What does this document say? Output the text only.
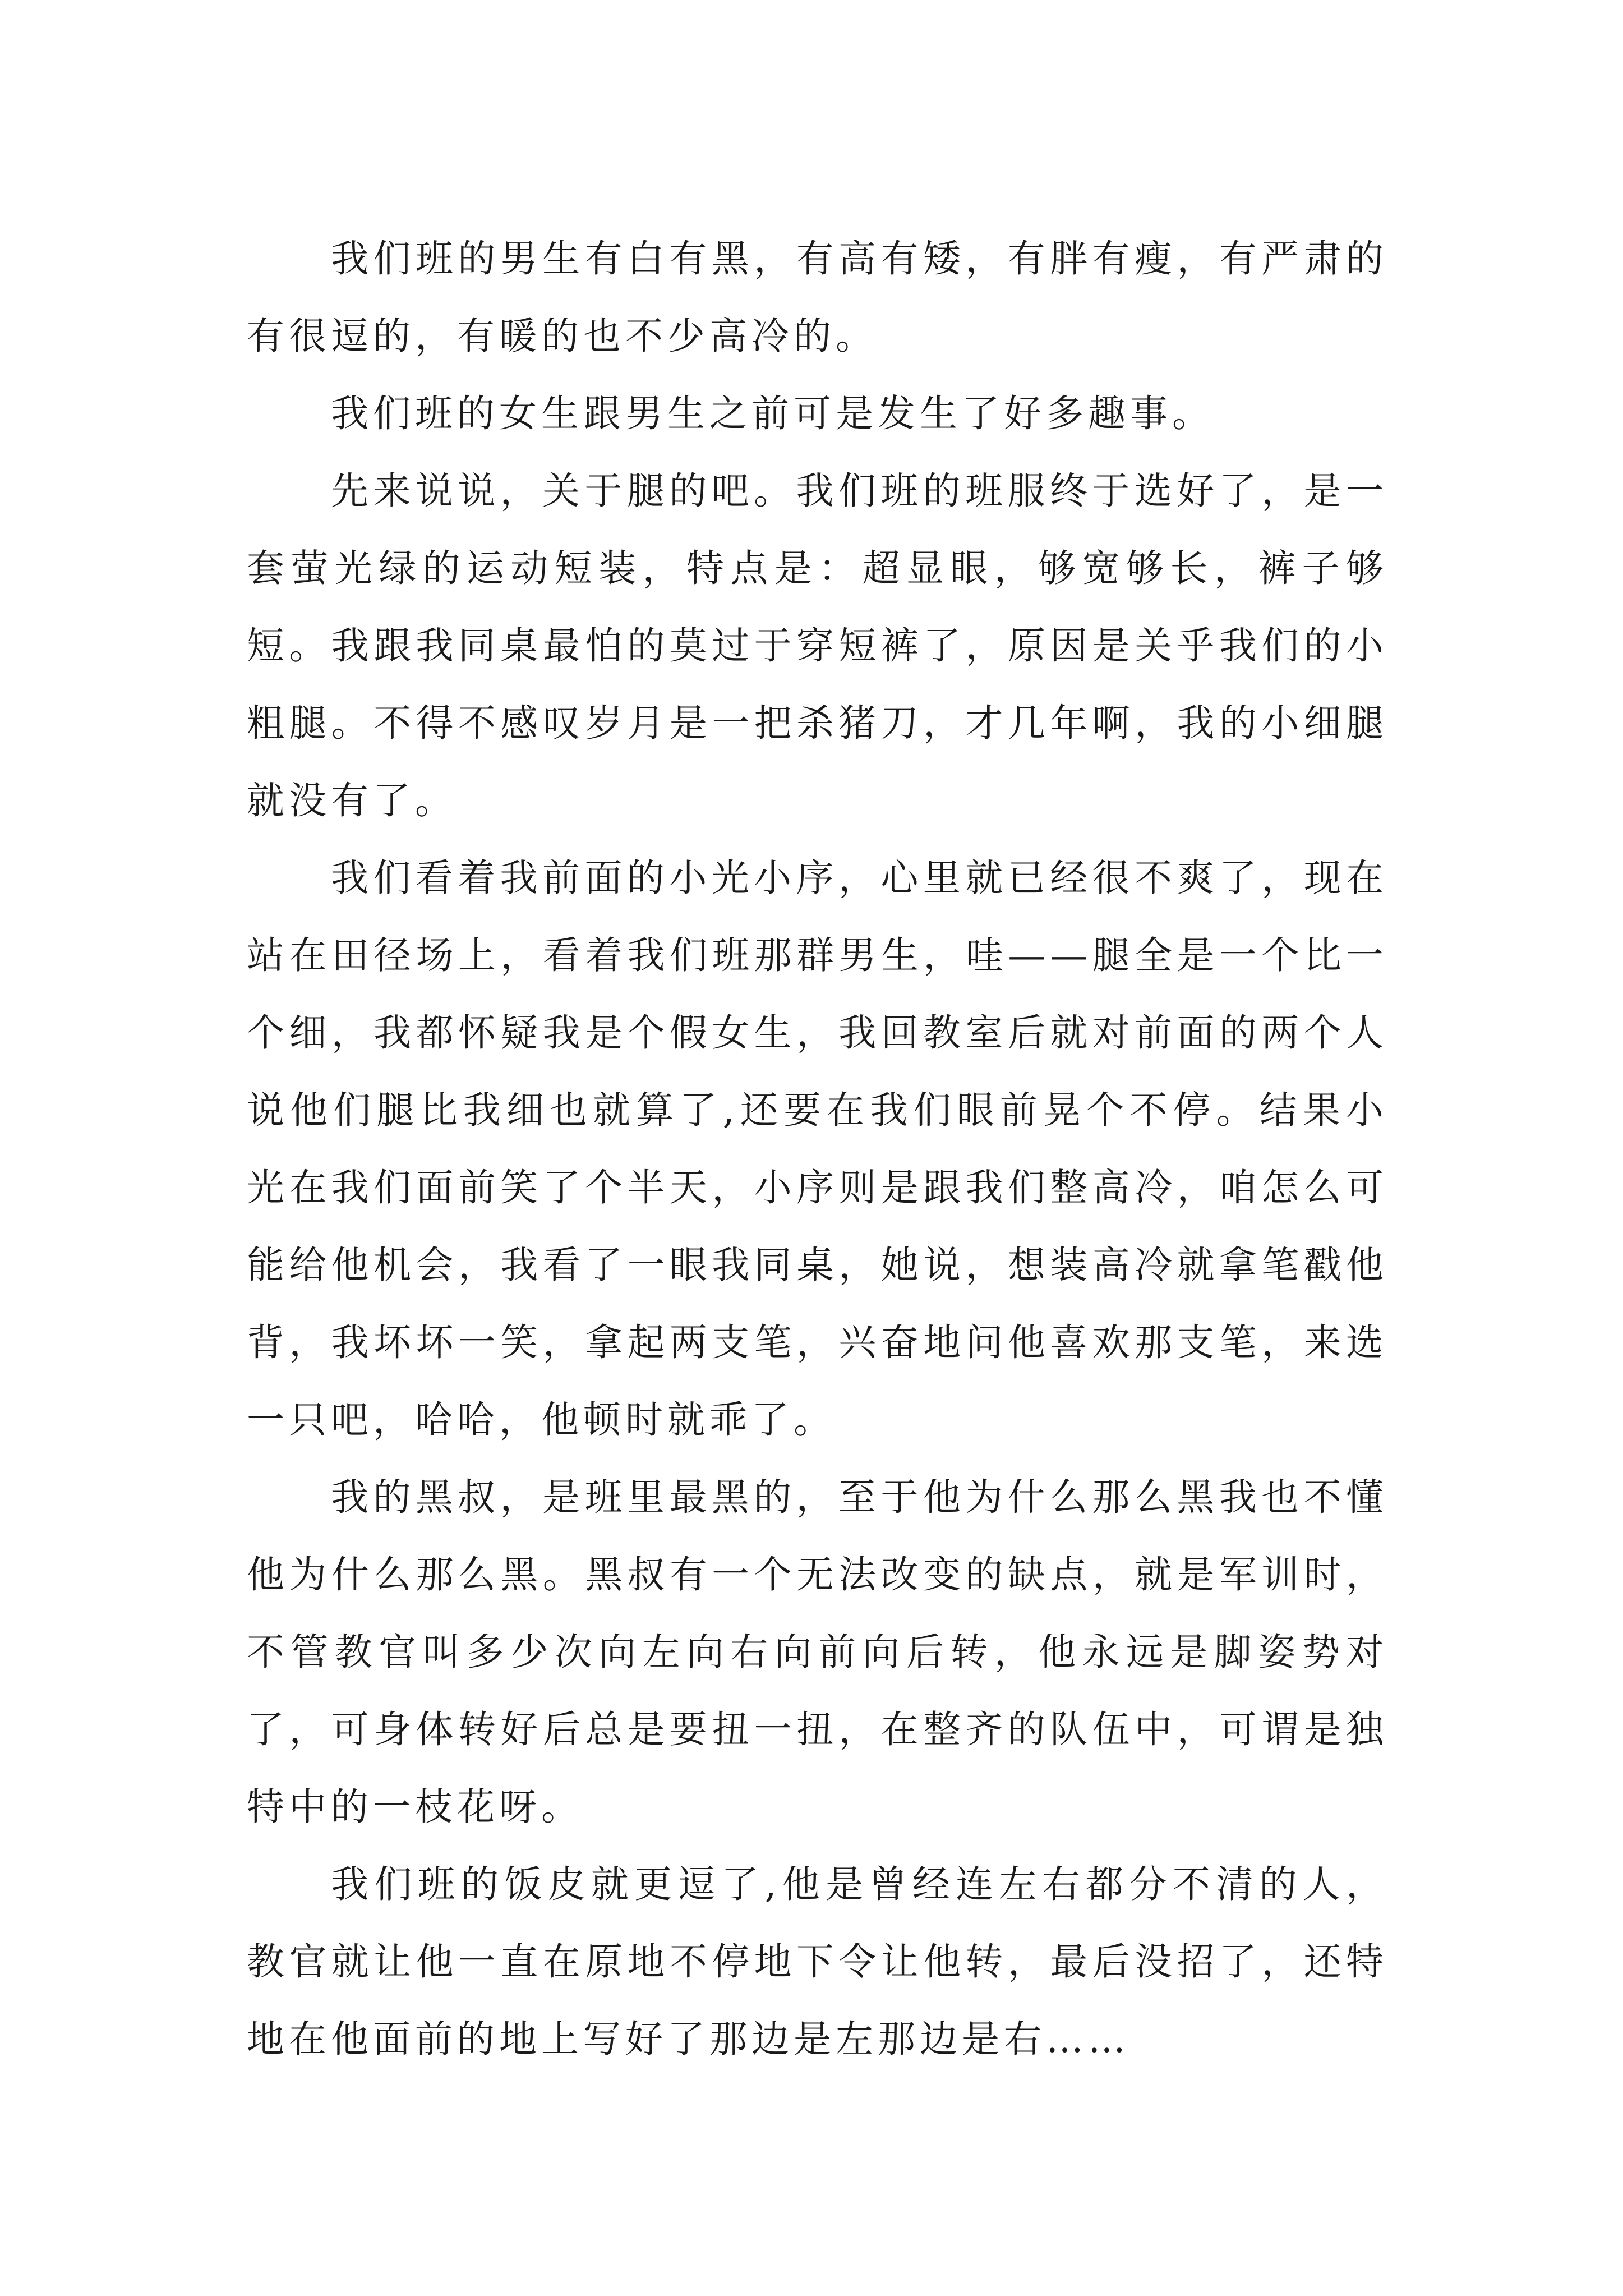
我们班的男生有白有黑，有高有矮，有胖有瘦，有严肃的有很逗的，有暖的也不少高冷的。

我们班的女生跟男生之前可是发生了好多趣事。

先来说说，关于腿的吧。我们班的班服终于选好了，是一套萤光绿的运动短装，特点是：超显眼，够宽够长，裤子够短。我跟我同桌最怕的莫过于穿短裤了，原因是关乎我们的小粗腿。不得不感叹岁月是一把杀猪刀，才几年啊，我的小细腿就没有了。

我们看着我前面的小光小序，心里就已经很不爽了，现在站在田径场上，看着我们班那群男生，哇——腿全是一个比一个细，我都怀疑我是个假女生，我回教室后就对前面的两个人说他们腿比我细也就算了,还要在我们眼前晃个不停。结果小光在我们面前笑了个半天，小序则是跟我们整高冷，咱怎么可能给他机会，我看了一眼我同桌，她说，想装高冷就拿笔戳他背，我坏坏一笑，拿起两支笔，兴奋地问他喜欢那支笔，来选一只吧，哈哈，他顿时就乖了。

我的黑叔，是班里最黑的，至于他为什么那么黑我也不懂他为什么那么黑。黑叔有一个无法改变的缺点，就是军训时，不管教官叫多少次向左向右向前向后转，他永远是脚姿势对了，可身体转好后总是要扭一扭，在整齐的队伍中，可谓是独特中的一枝花呀。

我们班的饭皮就更逗了,他是曾经连左右都分不清的人，教官就让他一直在原地不停地下令让他转，最后没招了，还特地在他面前的地上写好了那边是左那边是右……
